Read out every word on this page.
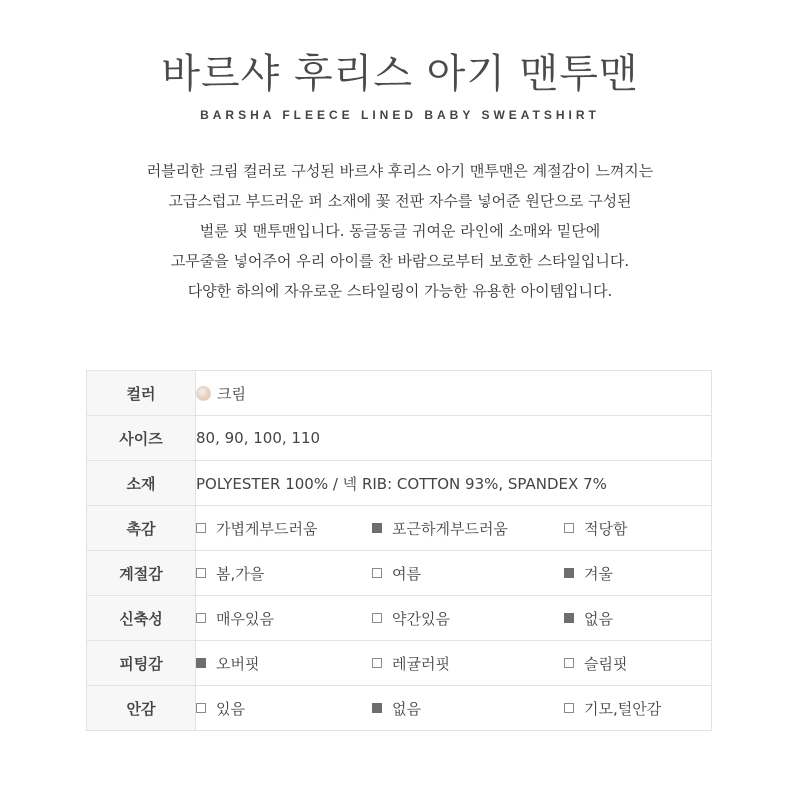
바르샤 후리스 아기 맨투맨
BARSHA FLEECE LINED BABY SWEATSHIRT
러블리한 크림 컬러로 구성된 바르샤 후리스 아기 맨투맨은 계절감이 느껴지는
고급스럽고 부드러운 퍼 소재에 꽃 전판 자수를 넣어준 원단으로 구성된
벌룬 핏 맨투맨입니다. 동글동글 귀여운 라인에 소매와 밑단에
고무줄을 넣어주어 우리 아이를 찬 바람으로부터 보호한 스타일입니다.
다양한 하의에 자유로운 스타일링이 가능한 유용한 아이템입니다.
컬러	크림
사이즈	80, 90, 100, 110
소재	POLYESTER 100% / 넥 RIB: COTTON 93%, SPANDEX 7%
촉감	가볍게부드러움 포근하게부드러움 적당함
계절감	봄,가을 여름 겨울
신축성	매우있음 약간있음 없음
피팅감	오버핏 레귤러핏 슬림핏
안감	있음 없음 기모,털안감
